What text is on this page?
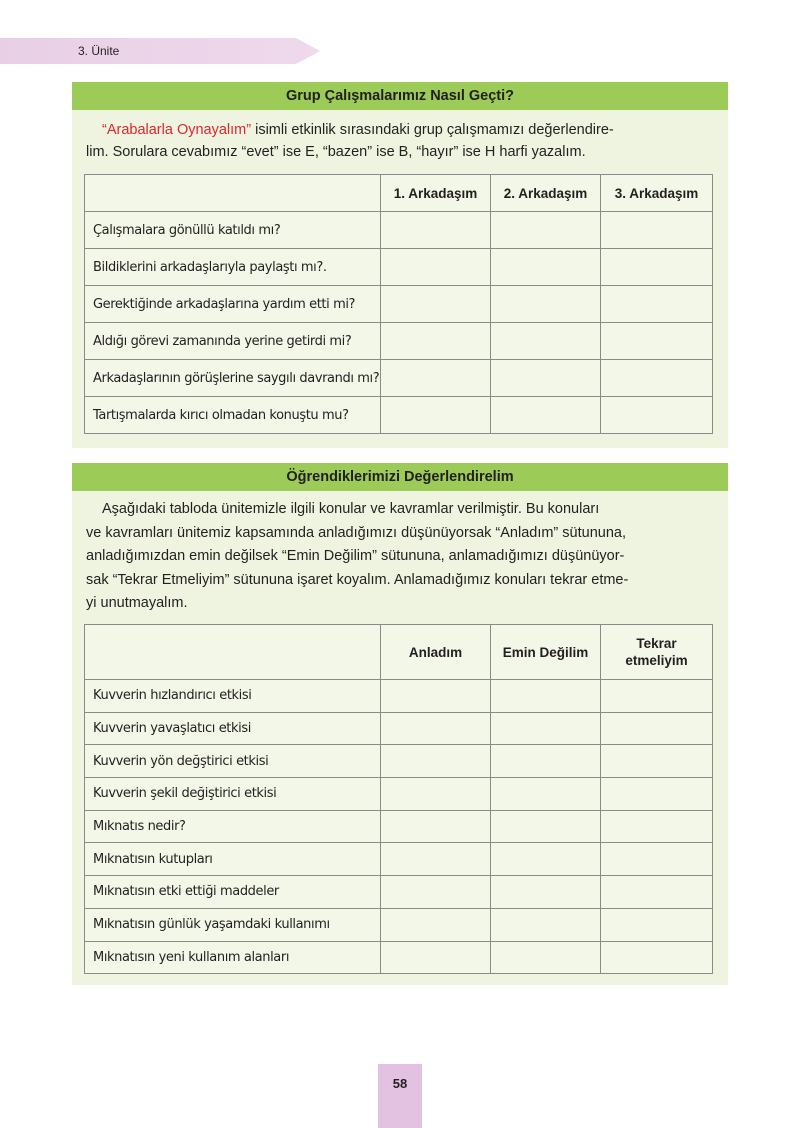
3. Ünite
Grup Çalışmalarımız Nasıl Geçti?
“Arabalarla Oynayalım” isimli etkinlik sırasındaki grup çalışmamızı değerlendire-
lim. Sorulara cevabımız “evet” ise E, “bazen” ise B, “hayır” ise H harfi yazalım.
	1. Arkadaşım	2. Arkadaşım	3. Arkadaşım
Çalışmalara gönüllü katıldı mı?			
Bildiklerini arkadaşlarıyla paylaştı mı?.			
Gerektiğinde arkadaşlarına yardım etti mi?			
Aldığı görevi zamanında yerine getirdi mi?			
Arkadaşlarının görüşlerine saygılı davrandı mı?			
Tartışmalarda kırıcı olmadan konuştu mu?			
Öğrendiklerimizi Değerlendirelim
Aşağıdaki tabloda ünitemizle ilgili konular ve kavramlar verilmiştir. Bu konuları
ve kavramları ünitemiz kapsamında anladığımızı düşünüyorsak “Anladım” sütununa,
anladığımızdan emin değilsek “Emin Değilim” sütununa, anlamadığımızı düşünüyor-
sak “Tekrar Etmeliyim” sütununa işaret koyalım. Anlamadığımız konuları tekrar etme-
yi unutmayalım.
	Anladım	Emin Değilim	Tekrar
etmeliyim
Kuvverin hızlandırıcı etkisi			
Kuvverin yavaşlatıcı etkisi			
Kuvverin yön değştirici etkisi			
Kuvverin şekil değiştirici etkisi			
Mıknatıs nedir?			
Mıknatısın kutupları			
Mıknatısın etki ettiği maddeler			
Mıknatısın günlük yaşamdaki kullanımı			
Mıknatısın yeni kullanım alanları			
58
